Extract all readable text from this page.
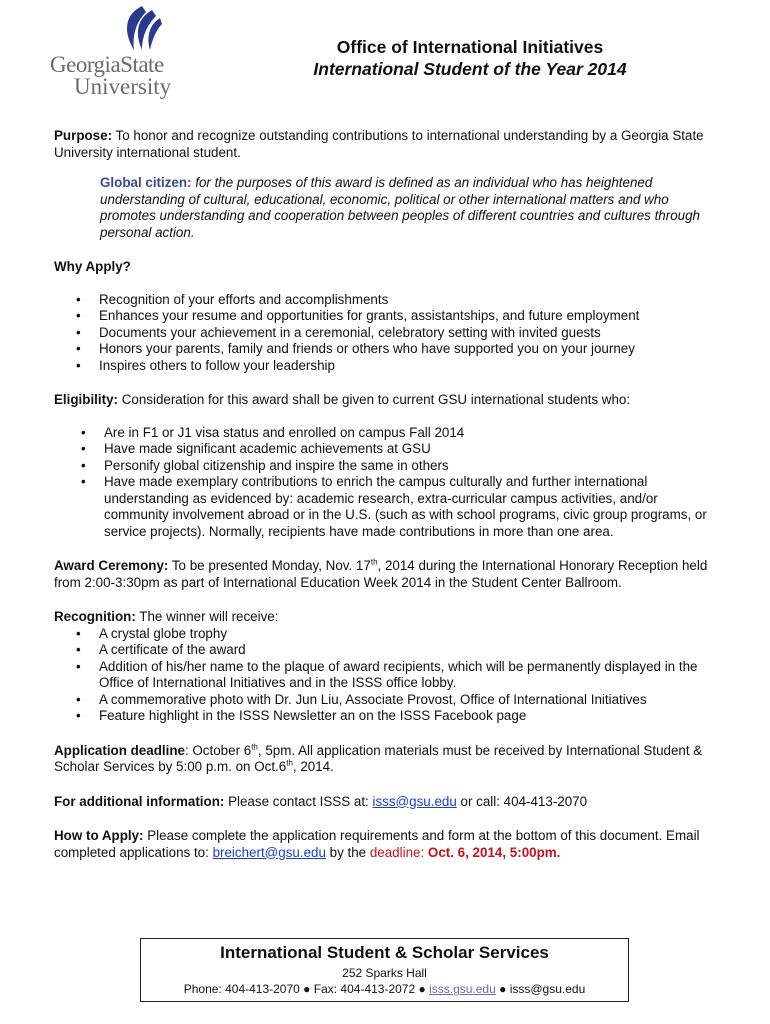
GeorgiaState
University
Office of International Initiatives
International Student of the Year 2014

Purpose: To honor and recognize outstanding contributions to international understanding by a Georgia State University international student.

Global citizen: for the purposes of this award is defined as an individual who has heightened understanding of cultural, educational, economic, political or other international matters and who promotes understanding and cooperation between peoples of different countries and cultures through personal action.

Why Apply?

• Recognition of your efforts and accomplishments
• Enhances your resume and opportunities for grants, assistantships, and future employment
• Documents your achievement in a ceremonial, celebratory setting with invited guests
• Honors your parents, family and friends or others who have supported you on your journey
• Inspires others to follow your leadership

Eligibility: Consideration for this award shall be given to current GSU international students who:

• Are in F1 or J1 visa status and enrolled on campus Fall 2014
• Have made significant academic achievements at GSU
• Personify global citizenship and inspire the same in others
• Have made exemplary contributions to enrich the campus culturally and further international understanding as evidenced by: academic research, extra-curricular campus activities, and/or community involvement abroad or in the U.S. (such as with school programs, civic group programs, or service projects). Normally, recipients have made contributions in more than one area.

Award Ceremony: To be presented Monday, Nov. 17th, 2014 during the International Honorary Reception held from 2:00-3:30pm as part of International Education Week 2014 in the Student Center Ballroom.

Recognition: The winner will receive:

• A crystal globe trophy
• A certificate of the award
• Addition of his/her name to the plaque of award recipients, which will be permanently displayed in the Office of International Initiatives and in the ISSS office lobby.
• A commemorative photo with Dr. Jun Liu, Associate Provost, Office of International Initiatives
• Feature highlight in the ISSS Newsletter an on the ISSS Facebook page

Application deadline: October 6th, 5pm. All application materials must be received by International Student & Scholar Services by 5:00 p.m. on Oct.6th, 2014.

For additional information: Please contact ISSS at: isss@gsu.edu or call: 404-413-2070

How to Apply: Please complete the application requirements and form at the bottom of this document. Email completed applications to: breichert@gsu.edu by the deadline: Oct. 6, 2014, 5:00pm.

International Student & Scholar Services
252 Sparks Hall
Phone: 404-413-2070 ● Fax: 404-413-2072 ● isss.gsu.edu ● isss@gsu.edu
